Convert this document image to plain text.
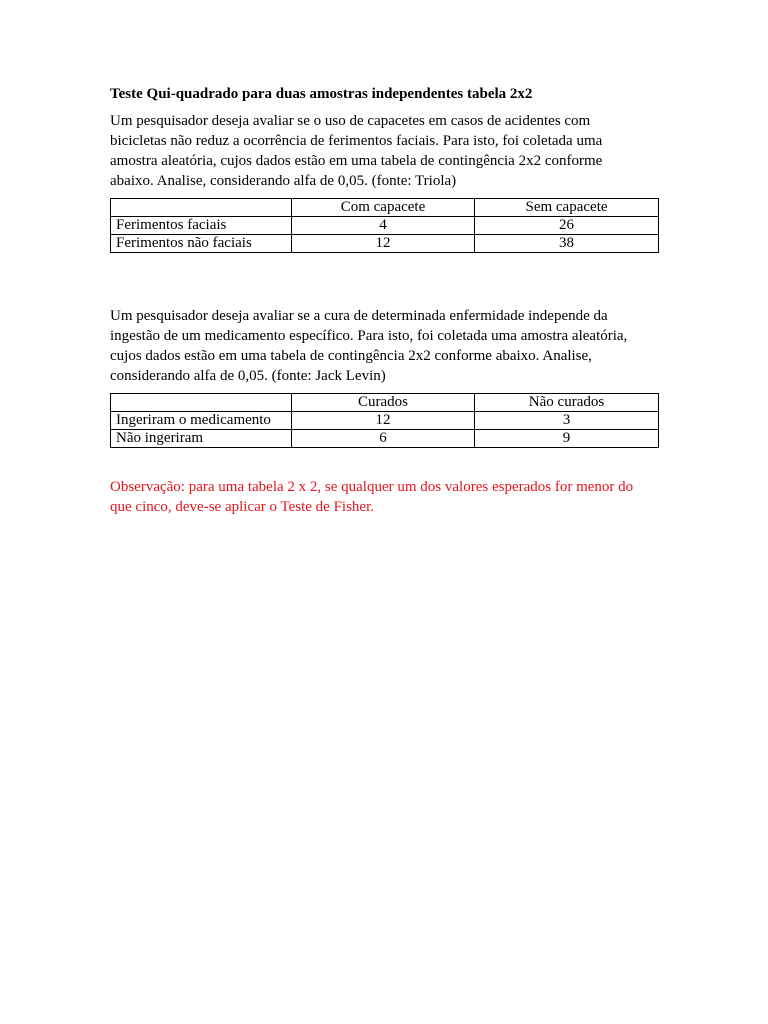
Teste Qui-quadrado para duas amostras independentes tabela 2x2

Um pesquisador deseja avaliar se o uso de capacetes em casos de acidentes com
bicicletas não reduz a ocorrência de ferimentos faciais. Para isto, foi coletada uma
amostra aleatória, cujos dados estão em uma tabela de contingência 2x2 conforme
abaixo. Analise, considerando alfa de 0,05. (fonte: Triola)

	Com capacete	Sem capacete
Ferimentos faciais	4	26
Ferimentos não faciais	12	38

Um pesquisador deseja avaliar se a cura de determinada enfermidade independe da
ingestão de um medicamento específico. Para isto, foi coletada uma amostra aleatória,
cujos dados estão em uma tabela de contingência 2x2 conforme abaixo. Analise,
considerando alfa de 0,05. (fonte: Jack Levin)

	Curados	Não curados
Ingeriram o medicamento	12	3
Não ingeriram	6	9

Observação: para uma tabela 2 x 2, se qualquer um dos valores esperados for menor do
que cinco, deve-se aplicar o Teste de Fisher.
